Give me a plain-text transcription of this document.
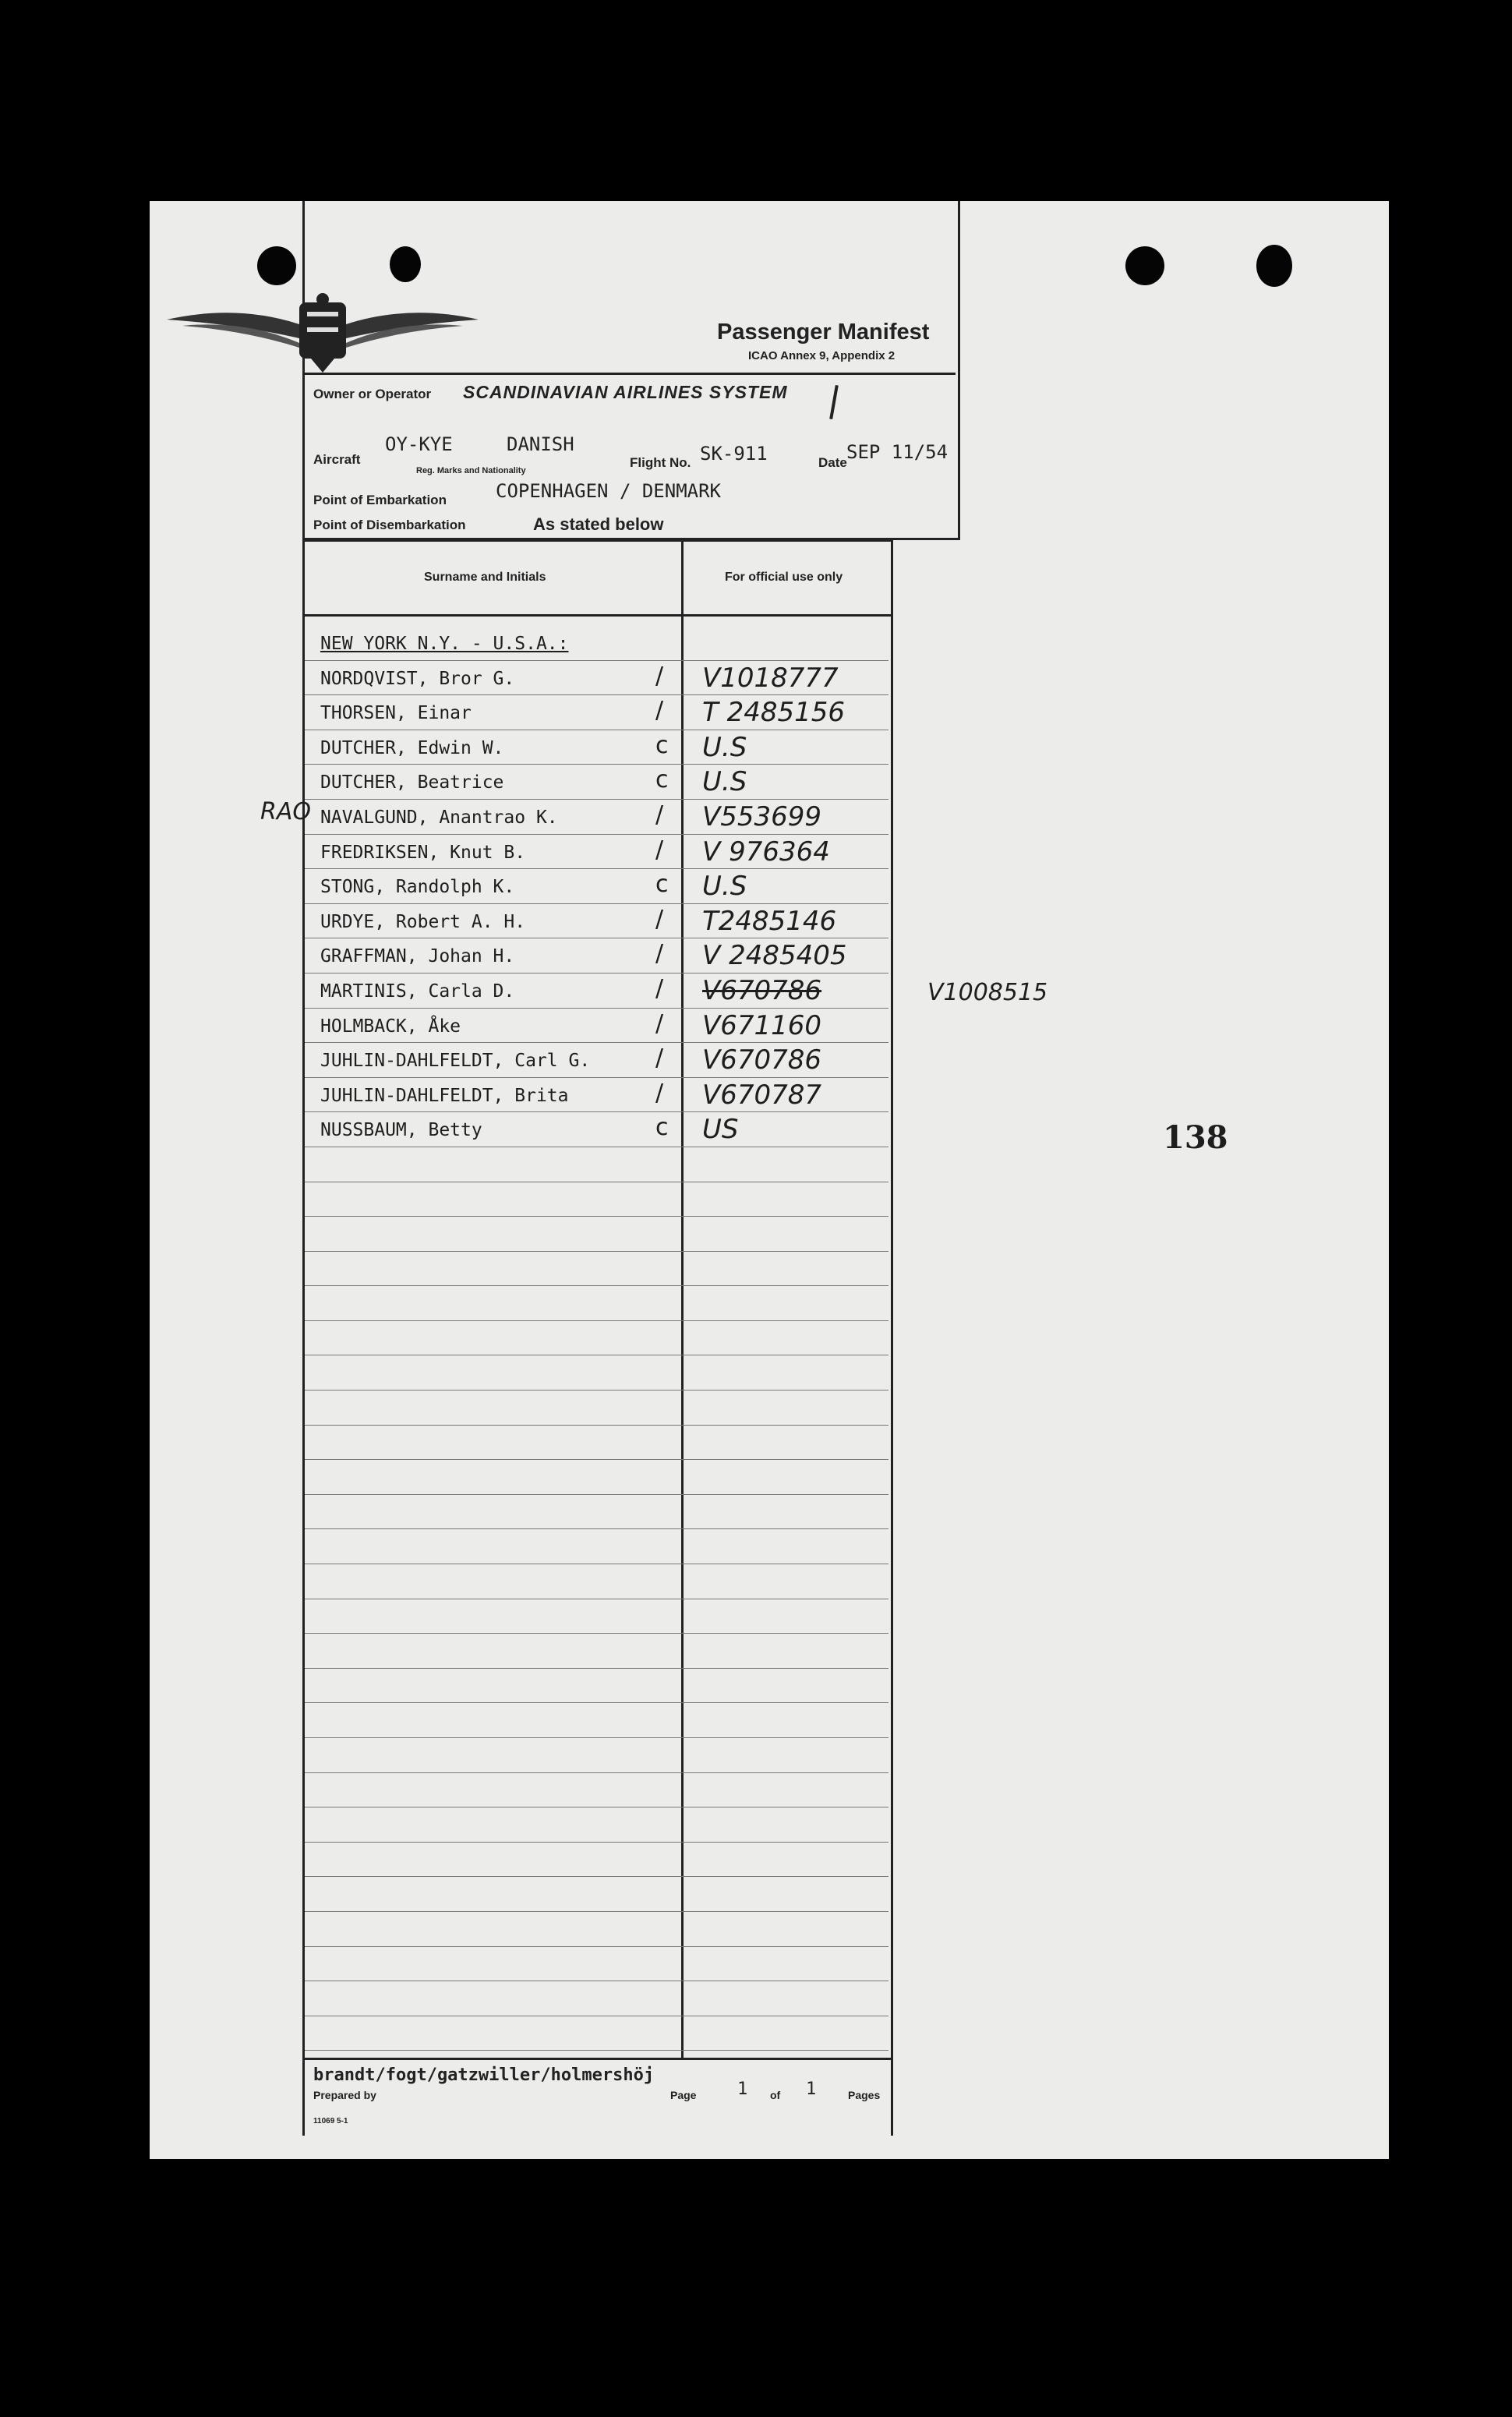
Passenger Manifest
ICAO Annex 9, Appendix 2
Owner or Operator SCANDINAVIAN AIRLINES SYSTEM
OY-KYE	DANISH
Aircraft
Reg. Marks and Nationality
Flight No. SK-911	Date SEP 11/54
Point of Embarkation	COPENHAGEN / DENMARK
Point of Disembarkation	As stated below
Surname and Initials	For official use only
NEW YORK N.Y. - U.S.A.:
NORDQVIST, Bror G.	/ V1018777
THORSEN, Einar	/ T 2485156
DUTCHER, Edwin W.	c U.S
DUTCHER, Beatrice	c U.S
NAVALGUND, Anantrao K.	/ V553699
FREDRIKSEN, Knut B.	/ V 976364
STONG, Randolph K.	c U.S
URDYE, Robert A. H.	/ T2485146
GRAFFMAN, Johan H.	/ V 2485405
MARTINIS, Carla D.	/ V670786
HOLMBACK, Åke	/ V671160
JUHLIN-DAHLFELDT, Carl G.	/ V670786
JUHLIN-DAHLFELDT, Brita	/ V670787
NUSSBAUM, Betty	c US
RAO
V1008515
brandt/fogt/gatzwiller/holmershöj
Prepared by	Page 1 of 1	Pages
11069 5-1
138
